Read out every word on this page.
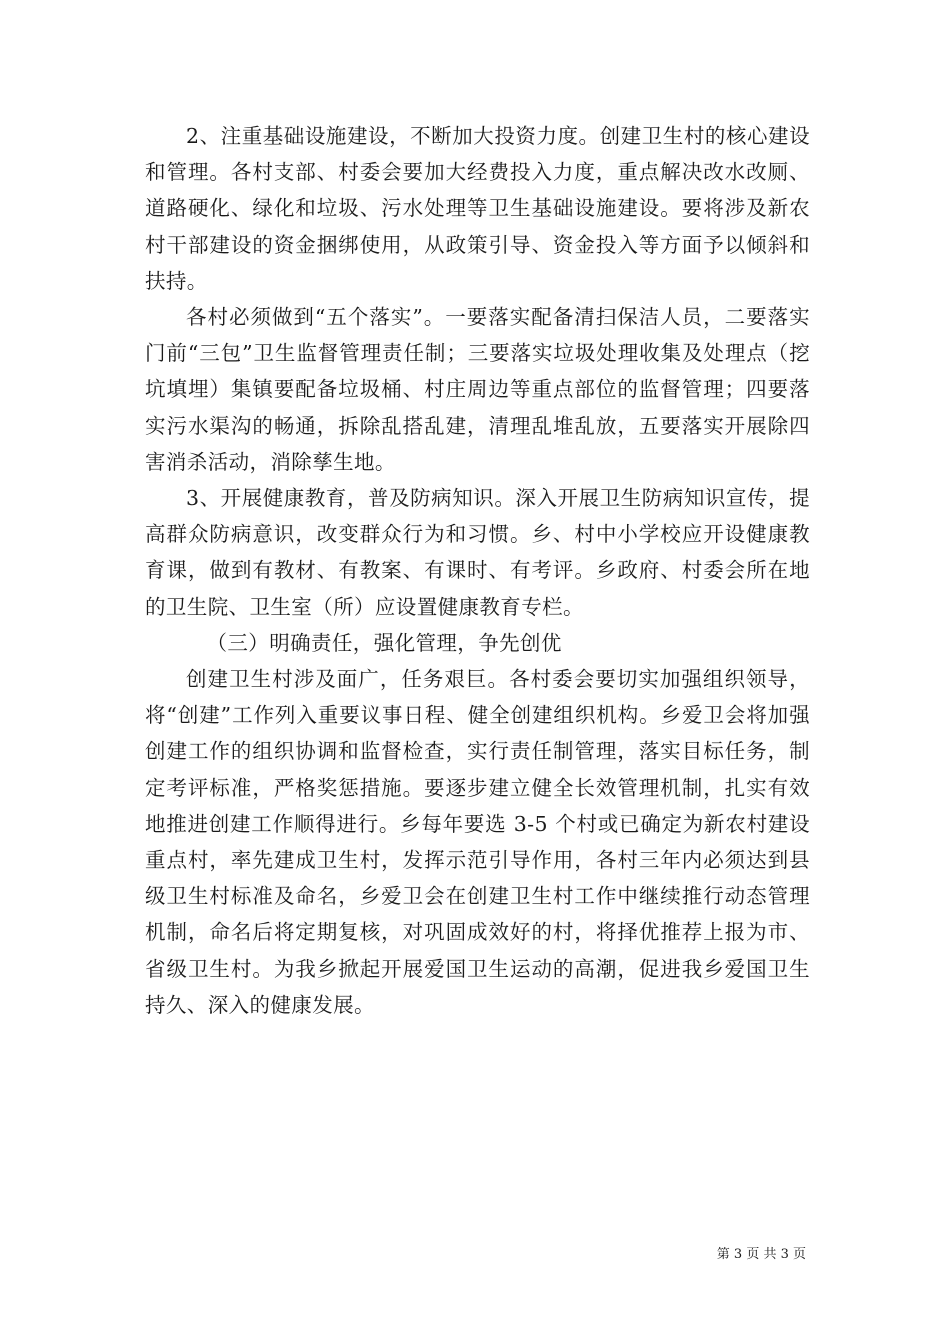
2、注重基础设施建设，不断加大投资力度。创建卫生村的核心建设和管理。各村支部、村委会要加大经费投入力度，重点解决改水改厕、道路硬化、绿化和垃圾、污水处理等卫生基础设施建设。要将涉及新农村干部建设的资金捆绑使用，从政策引导、资金投入等方面予以倾斜和扶持。

各村必须做到“五个落实”。一要落实配备清扫保洁人员，二要落实门前“三包”卫生监督管理责任制；三要落实垃圾处理收集及处理点（挖坑填埋）集镇要配备垃圾桶、村庄周边等重点部位的监督管理；四要落实污水渠沟的畅通，拆除乱搭乱建，清理乱堆乱放，五要落实开展除四害消杀活动，消除孳生地。

3、开展健康教育，普及防病知识。深入开展卫生防病知识宣传，提高群众防病意识，改变群众行为和习惯。乡、村中小学校应开设健康教育课，做到有教材、有教案、有课时、有考评。乡政府、村委会所在地的卫生院、卫生室（所）应设置健康教育专栏。

（三）明确责任，强化管理，争先创优

创建卫生村涉及面广，任务艰巨。各村委会要切实加强组织领导，将“创建”工作列入重要议事日程、健全创建组织机构。乡爱卫会将加强创建工作的组织协调和监督检查，实行责任制管理，落实目标任务，制定考评标准，严格奖惩措施。要逐步建立健全长效管理机制，扎实有效地推进创建工作顺得进行。乡每年要选 3-5 个村或已确定为新农村建设重点村，率先建成卫生村，发挥示范引导作用，各村三年内必须达到县级卫生村标准及命名，乡爱卫会在创建卫生村工作中继续推行动态管理机制，命名后将定期复核，对巩固成效好的村，将择优推荐上报为市、省级卫生村。为我乡掀起开展爱国卫生运动的高潮，促进我乡爱国卫生持久、深入的健康发展。

第 3 页 共 3 页
